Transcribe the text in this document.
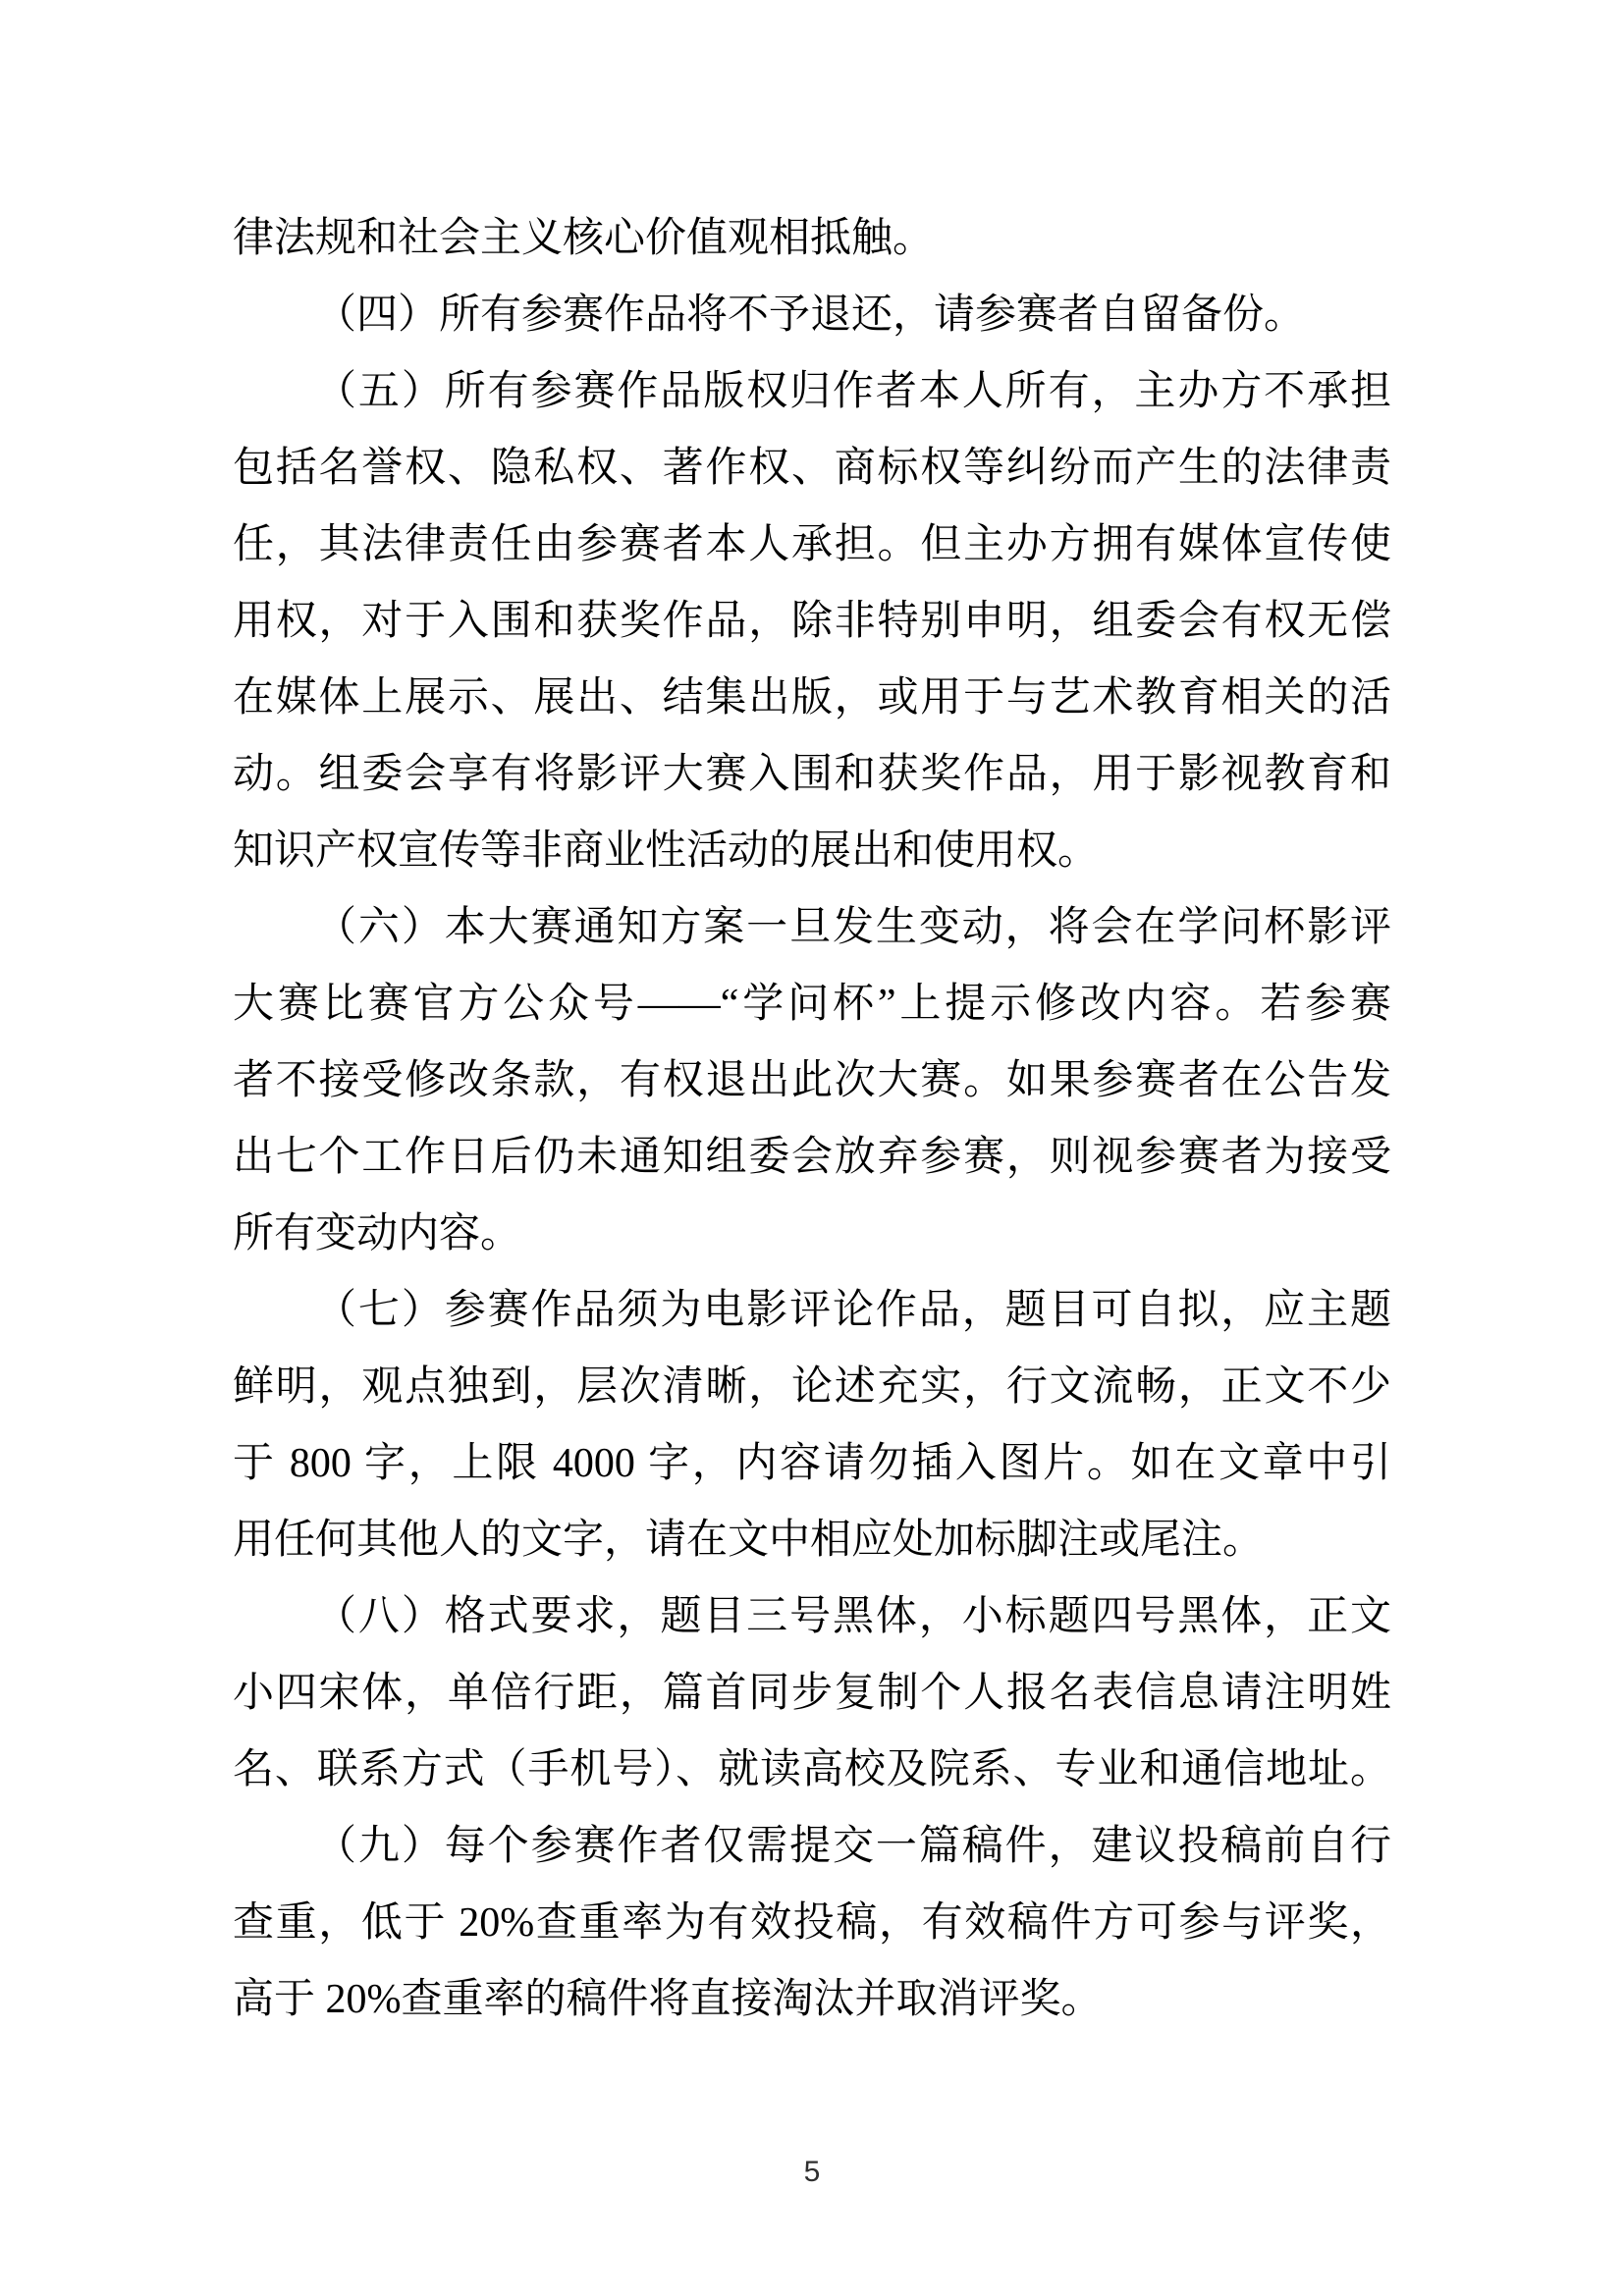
律法规和社会主义核心价值观相抵触。
（四）所有参赛作品将不予退还，请参赛者自留备份。
（五）所有参赛作品版权归作者本人所有，主办方不承担
包括名誉权、隐私权、著作权、商标权等纠纷而产生的法律责
任，其法律责任由参赛者本人承担。但主办方拥有媒体宣传使
用权，对于入围和获奖作品，除非特别申明，组委会有权无偿
在媒体上展示、展出、结集出版，或用于与艺术教育相关的活
动。组委会享有将影评大赛入围和获奖作品，用于影视教育和
知识产权宣传等非商业性活动的展出和使用权。
（六）本大赛通知方案一旦发生变动，将会在学问杯影评
大赛比赛官方公众号——“学问杯”上提示修改内容。若参赛
者不接受修改条款，有权退出此次大赛。如果参赛者在公告发
出七个工作日后仍未通知组委会放弃参赛，则视参赛者为接受
所有变动内容。
（七）参赛作品须为电影评论作品，题目可自拟，应主题
鲜明，观点独到，层次清晰，论述充实，行文流畅，正文不少
于 800 字，上限 4000 字，内容请勿插入图片。如在文章中引
用任何其他人的文字，请在文中相应处加标脚注或尾注。
（八）格式要求，题目三号黑体，小标题四号黑体，正文
小四宋体，单倍行距，篇首同步复制个人报名表信息请注明姓
名、联系方式（手机号）、就读高校及院系、专业和通信地址。
（九）每个参赛作者仅需提交一篇稿件，建议投稿前自行
查重，低于 20%查重率为有效投稿，有效稿件方可参与评奖，
高于 20%查重率的稿件将直接淘汰并取消评奖。
5
